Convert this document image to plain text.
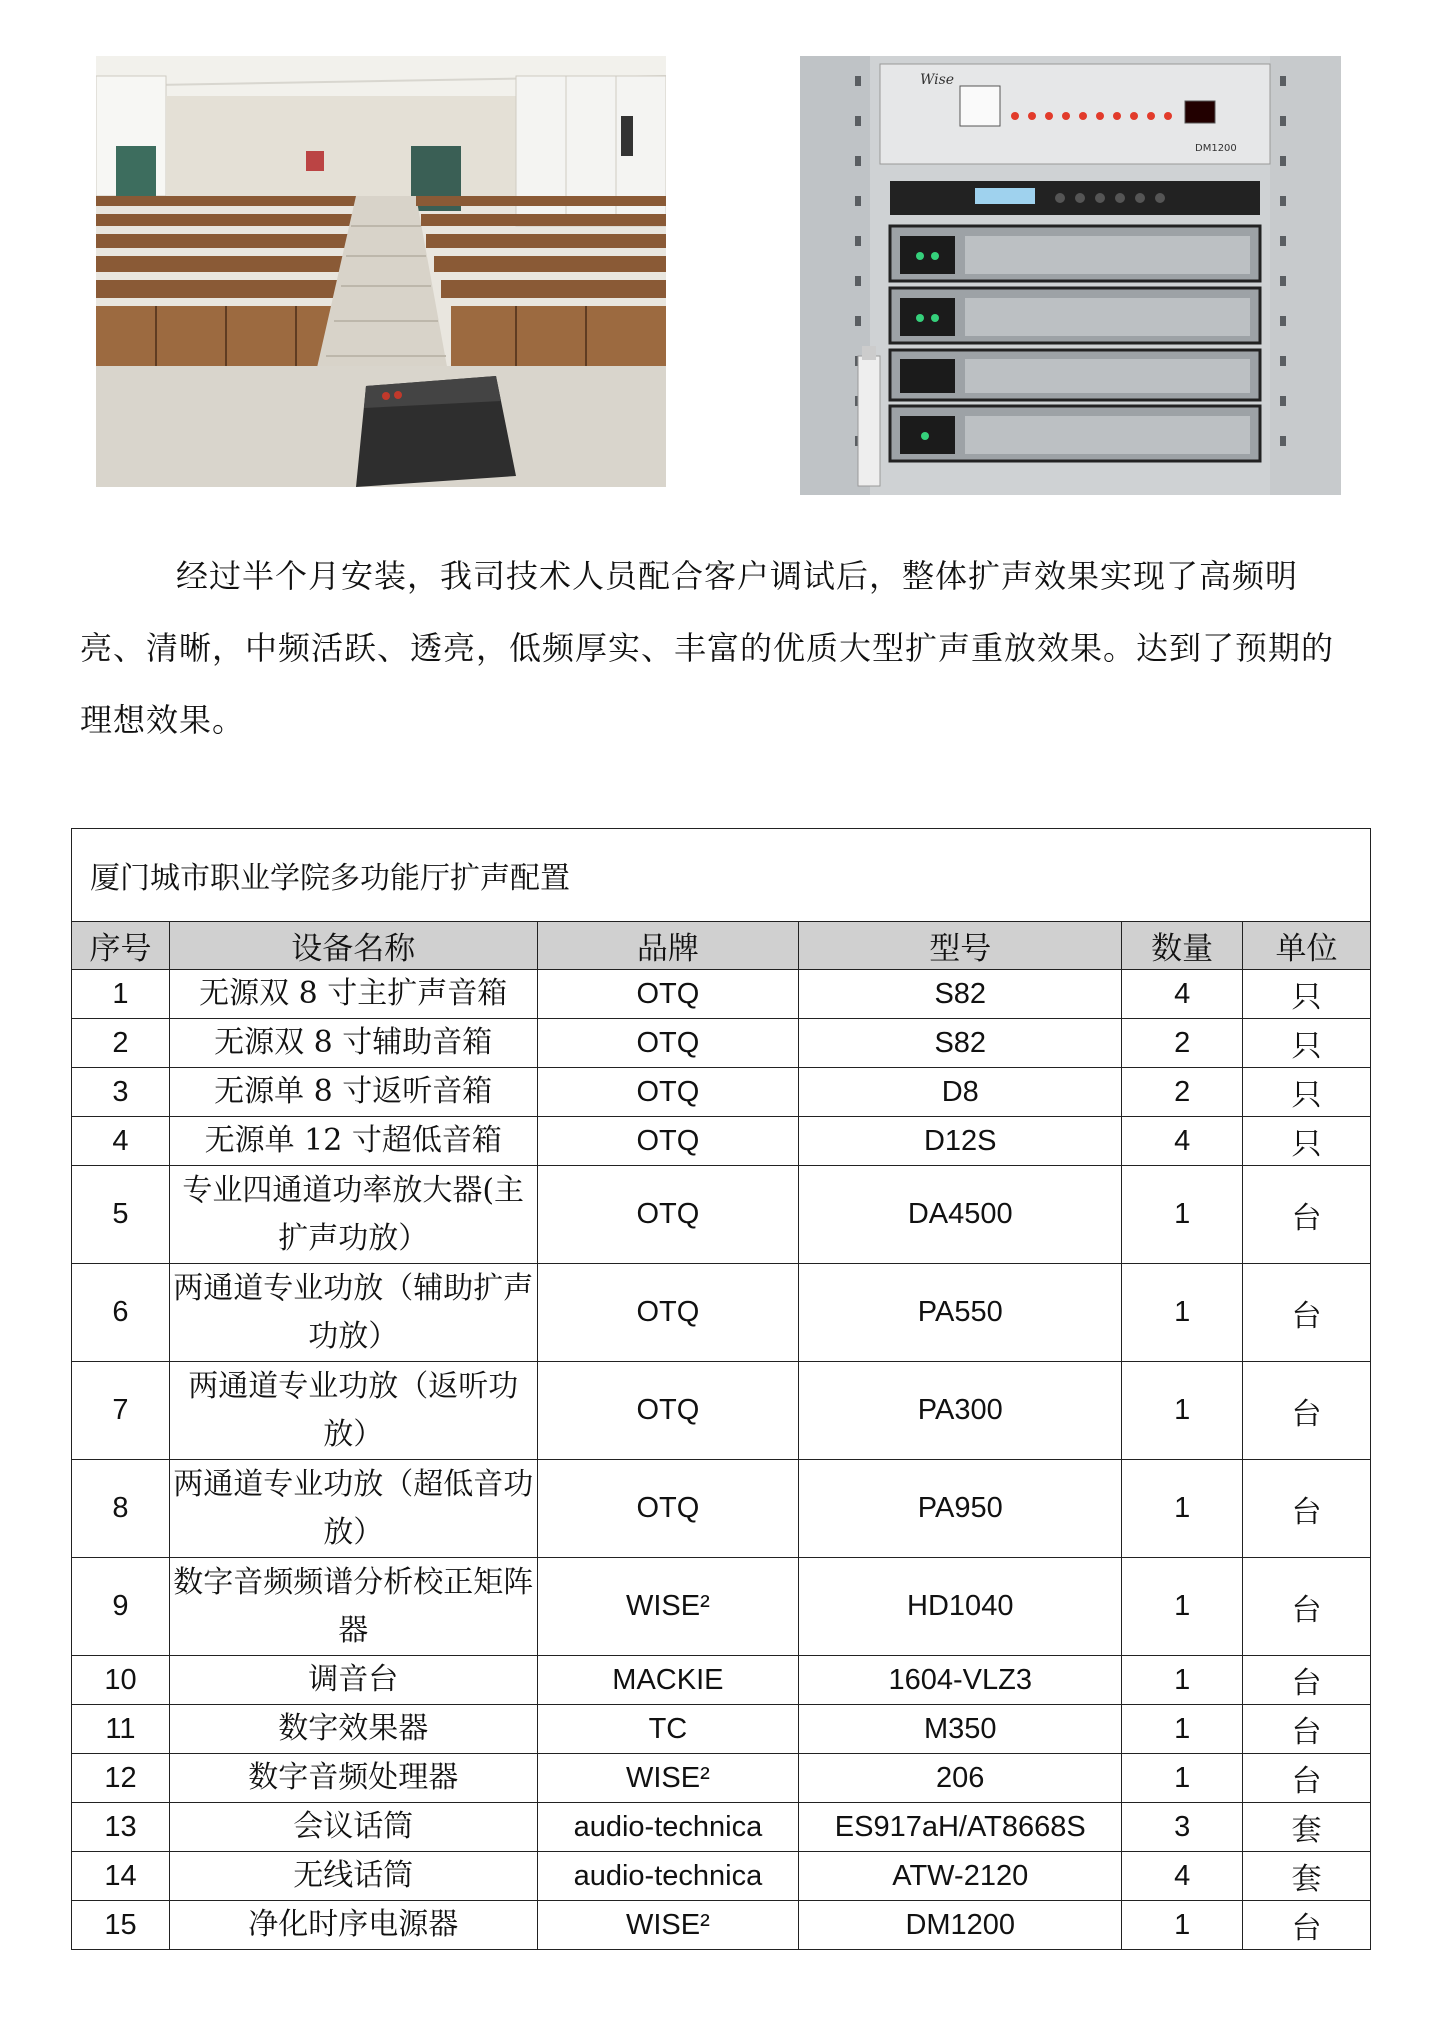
Wise
DM1200

经过半个月安装，我司技术人员配合客户调试后，整体扩声效果实现了高频明亮、清晰，中频活跃、透亮，低频厚实、丰富的优质大型扩声重放效果。达到了预期的理想效果。

厦门城市职业学院多功能厅扩声配置					
序号	设备名称	品牌	型号	数量	单位
1	无源双 8 寸主扩声音箱	OTQ	S82	4	只
2	无源双 8 寸辅助音箱	OTQ	S82	2	只
3	无源单 8 寸返听音箱	OTQ	D8	2	只
4	无源单 12 寸超低音箱	OTQ	D12S	4	只
5	专业四通道功率放大器(主扩声功放）	OTQ	DA4500	1	台
6	两通道专业功放（辅助扩声功放）	OTQ	PA550	1	台
7	两通道专业功放（返听功放）	OTQ	PA300	1	台
8	两通道专业功放（超低音功放）	OTQ	PA950	1	台
9	数字音频频谱分析校正矩阵器	WISE²	HD1040	1	台
10	调音台	MACKIE	1604-VLZ3	1	台
11	数字效果器	TC	M350	1	台
12	数字音频处理器	WISE²	206	1	台
13	会议话筒	audio-technica	ES917aH/AT8668S	3	套
14	无线话筒	audio-technica	ATW-2120	4	套
15	净化时序电源器	WISE²	DM1200	1	台
